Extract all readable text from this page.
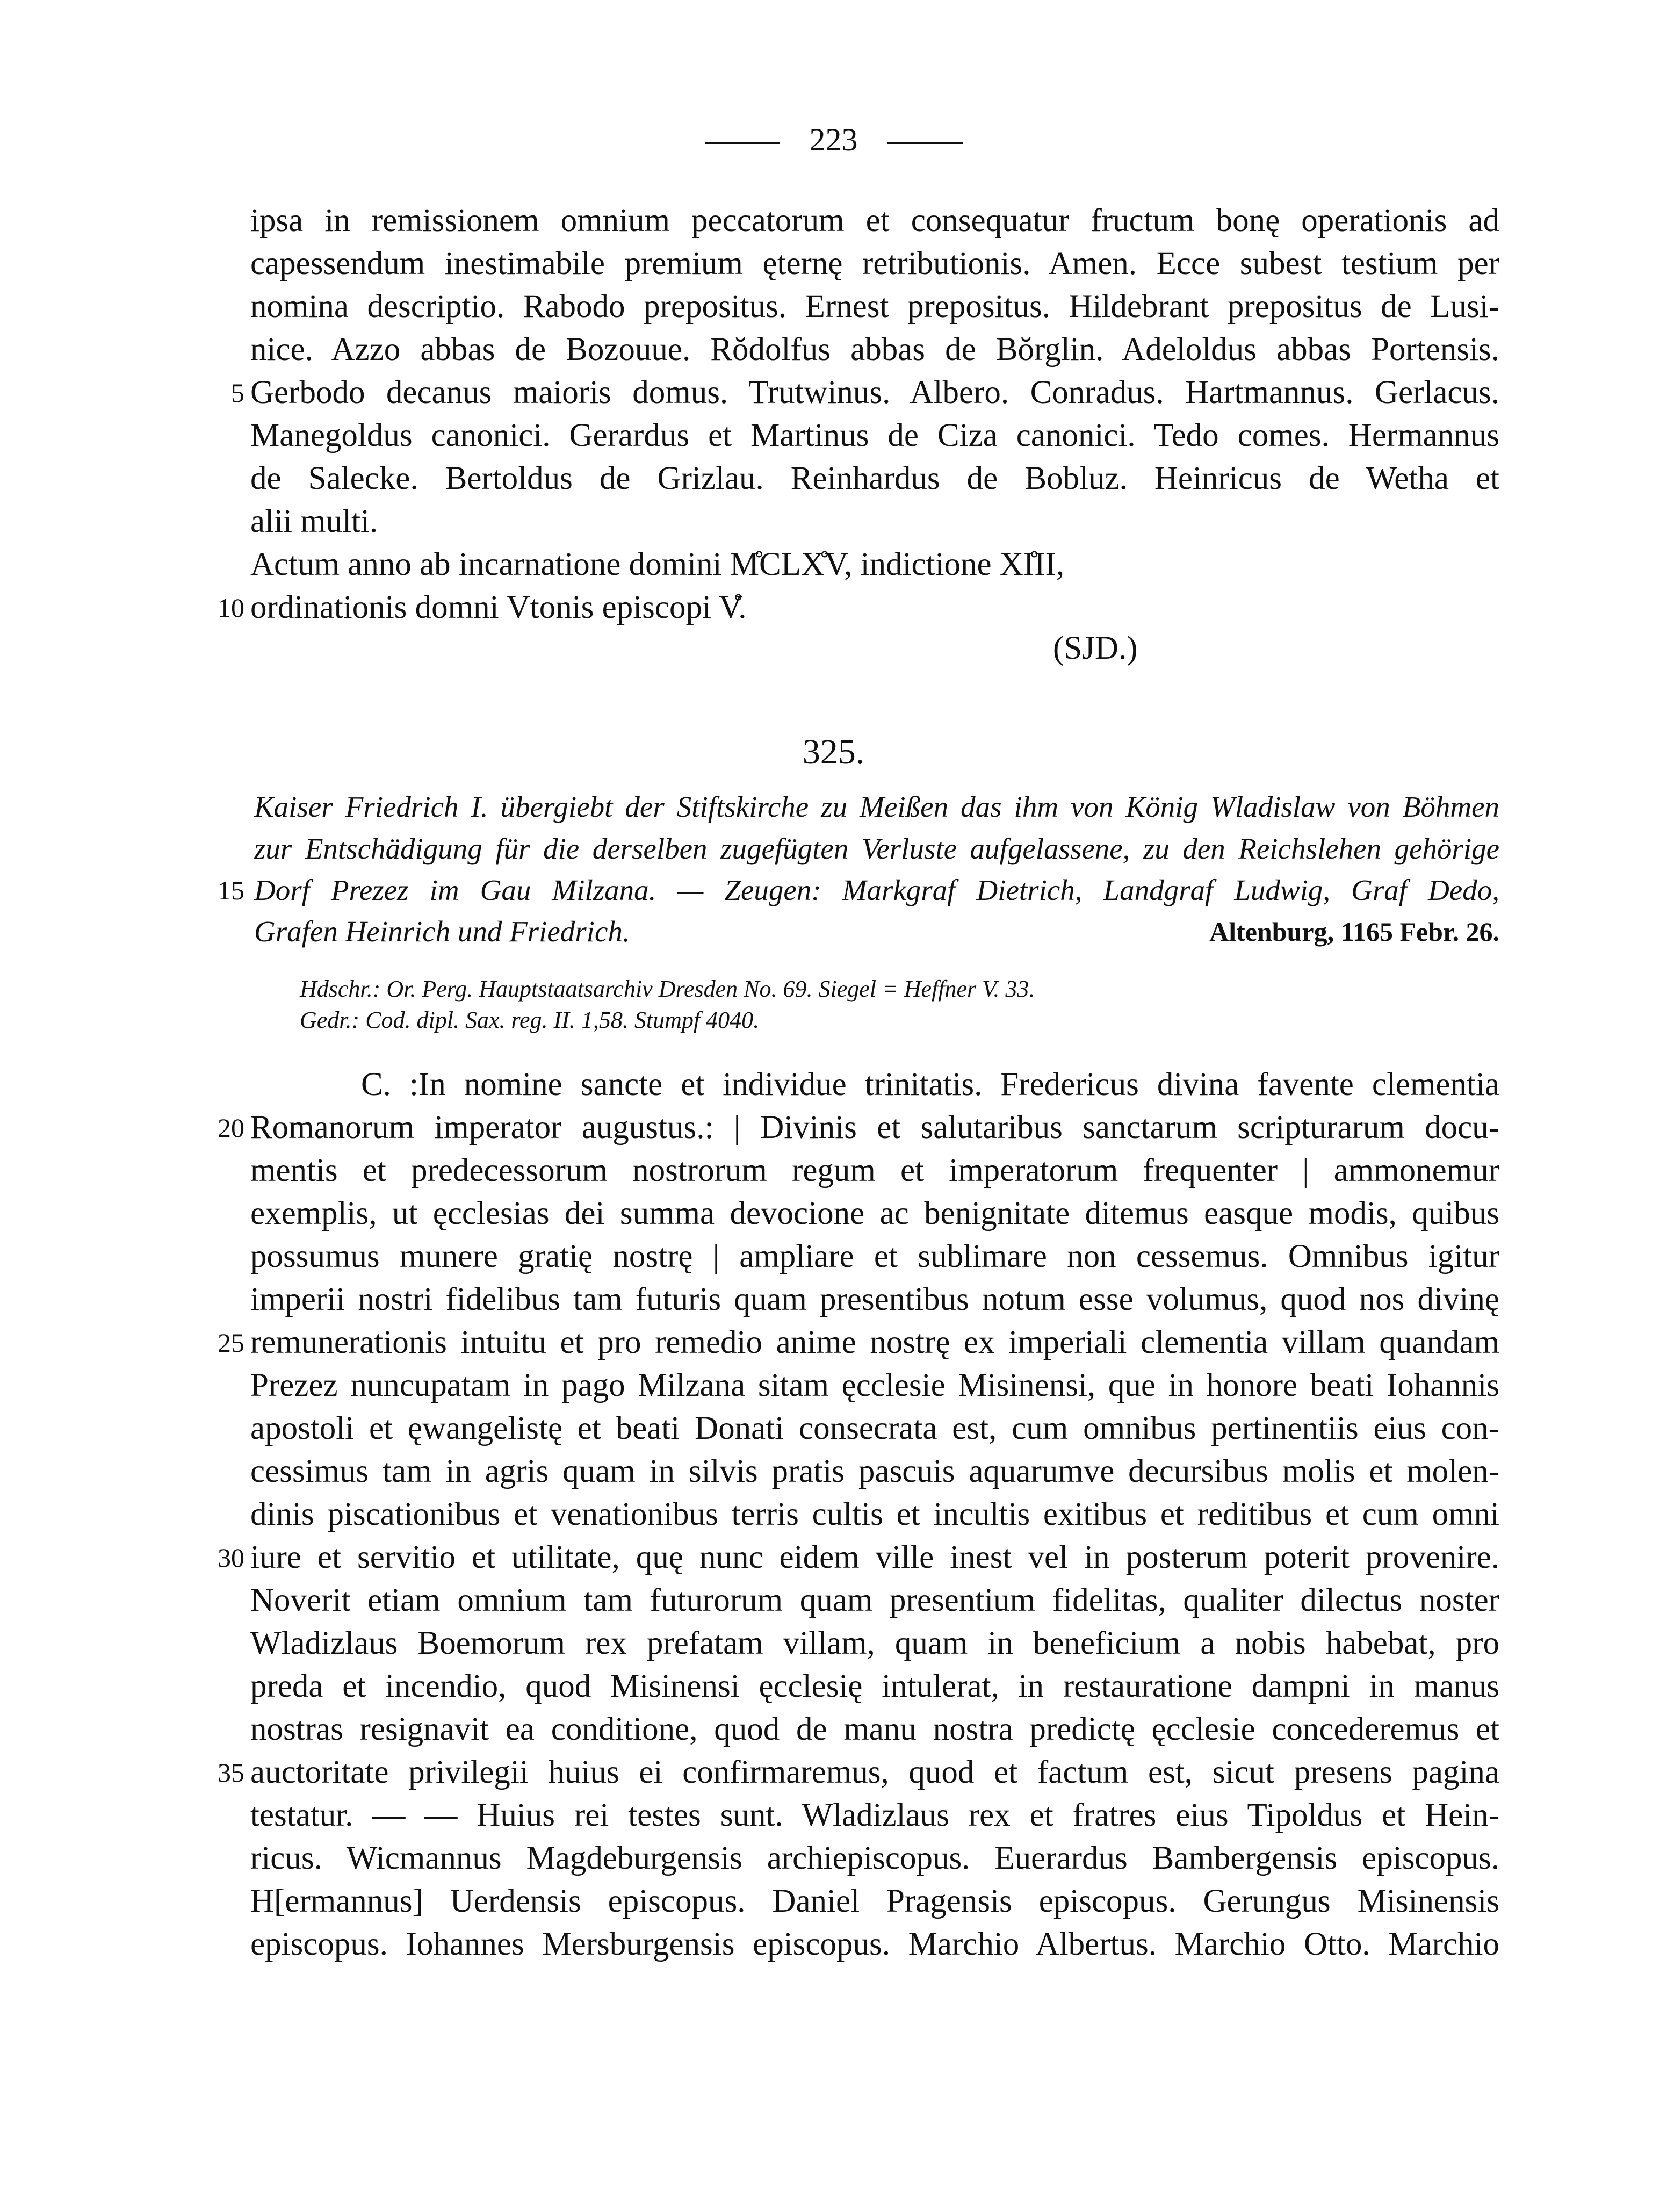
223
ipsa in remissionem omnium peccatorum et consequatur fructum bonę operationis ad
capessendum inestimabile premium ęternę retributionis. Amen. Ecce subest testium per
nomina descriptio. Rabodo prepositus. Ernest prepositus. Hildebrant prepositus de Lusi-
nice. Azzo abbas de Bozouue. Rŏdolfus abbas de Bŏrglin. Adeloldus abbas Portensis.
5 Gerbodo decanus maioris domus. Trutwinus. Albero. Conradus. Hartmannus. Gerlacus.
Manegoldus canonici. Gerardus et Martinus de Ciza canonici. Tedo comes. Hermannus
de Salecke. Bertoldus de Grizlau. Reinhardus de Bobluz. Heinricus de Wetha et
alii multi.
Actum anno ab incarnatione domini M̊CLX̊V, indictione XI̊II,
10 ordinationis domni Vtonis episcopi V̊.
(SJD.)
325.
Kaiser Friedrich I. übergiebt der Stiftskirche zu Meißen das ihm von König Wladislaw von Böhmen
zur Entschädigung für die derselben zugefügten Verluste aufgelassene, zu den Reichslehen gehörige
15 Dorf Prezez im Gau Milzana. — Zeugen: Markgraf Dietrich, Landgraf Ludwig, Graf Dedo,
Grafen Heinrich und Friedrich.	Altenburg, 1165 Febr. 26.
Hdschr.: Or. Perg. Hauptstaatsarchiv Dresden No. 69. Siegel = Heffner V. 33.
Gedr.: Cod. dipl. Sax. reg. II. 1,58. Stumpf 4040.
C. :In nomine sancte et individue trinitatis. Fredericus divina favente clementia
20 Romanorum imperator augustus.: | Divinis et salutaribus sanctarum scripturarum docu-
mentis et predecessorum nostrorum regum et imperatorum frequenter | ammonemur
exemplis, ut ęcclesias dei summa devocione ac benignitate ditemus easque modis, quibus
possumus munere gratię nostrę | ampliare et sublimare non cessemus. Omnibus igitur
imperii nostri fidelibus tam futuris quam presentibus notum esse volumus, quod nos divinę
25 remunerationis intuitu et pro remedio anime nostrę ex imperiali clementia villam quandam
Prezez nuncupatam in pago Milzana sitam ęcclesie Misinensi, que in honore beati Iohannis
apostoli et ęwangelistę et beati Donati consecrata est, cum omnibus pertinentiis eius con-
cessimus tam in agris quam in silvis pratis pascuis aquarumve decursibus molis et molen-
dinis piscationibus et venationibus terris cultis et incultis exitibus et reditibus et cum omni
30 iure et servitio et utilitate, quę nunc eidem ville inest vel in posterum poterit provenire.
Noverit etiam omnium tam futurorum quam presentium fidelitas, qualiter dilectus noster
Wladizlaus Boemorum rex prefatam villam, quam in beneficium a nobis habebat, pro
preda et incendio, quod Misinensi ęcclesię intulerat, in restauratione dampni in manus
nostras resignavit ea conditione, quod de manu nostra predictę ęcclesie concederemus et
35 auctoritate privilegii huius ei confirmaremus, quod et factum est, sicut presens pagina
testatur. — — Huius rei testes sunt. Wladizlaus rex et fratres eius Tipoldus et Hein-
ricus. Wicmannus Magdeburgensis archiepiscopus. Euerardus Bambergensis episcopus.
H[ermannus] Uerdensis episcopus. Daniel Pragensis episcopus. Gerungus Misinensis
episcopus. Iohannes Mersburgensis episcopus. Marchio Albertus. Marchio Otto. Marchio
